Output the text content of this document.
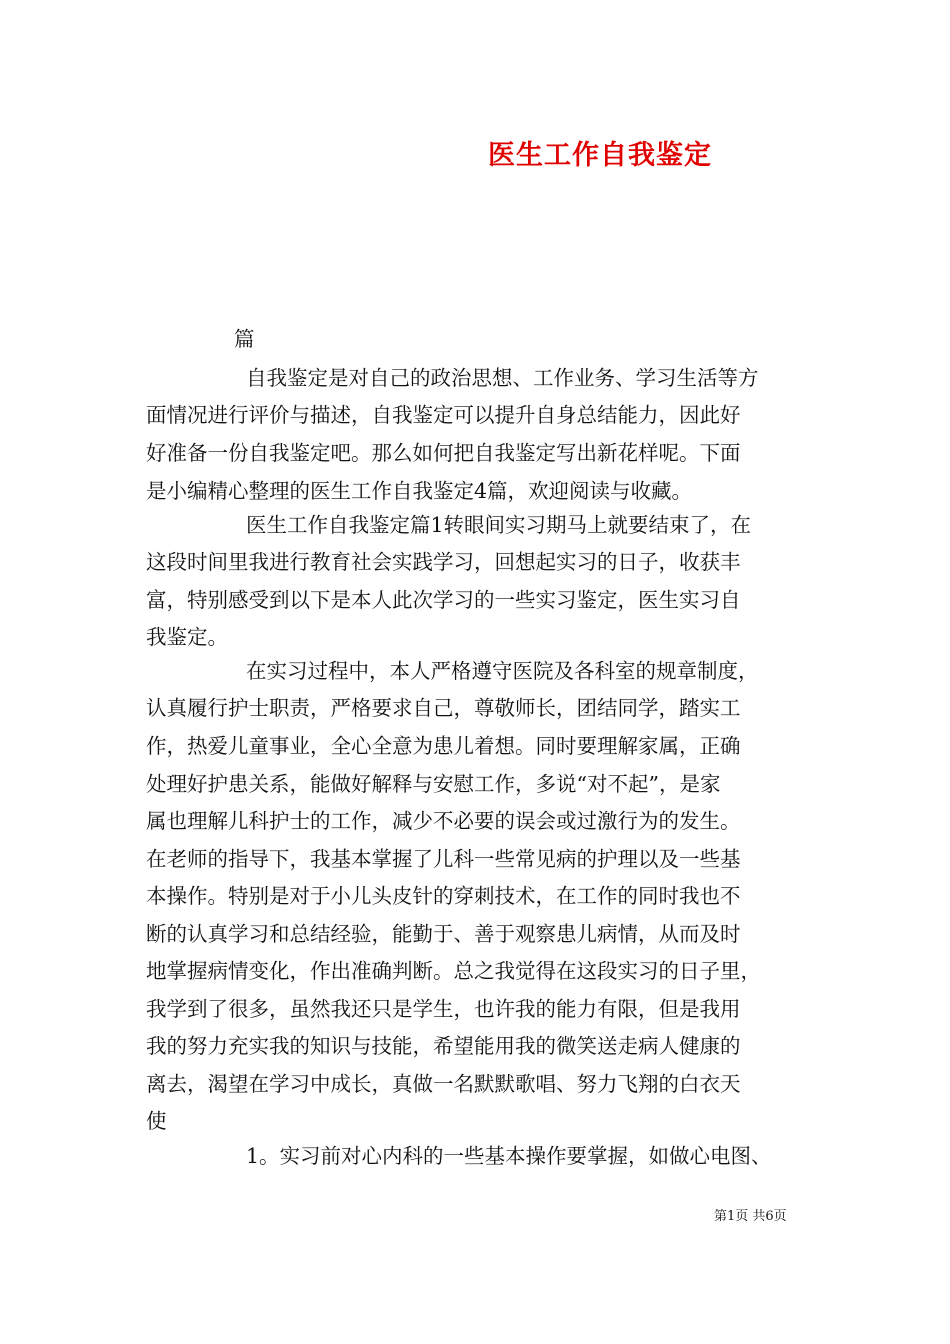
医生工作自我鉴定

篇

自我鉴定是对自己的政治思想、工作业务、学习生活等方

面情况进行评价与描述，自我鉴定可以提升自身总结能力，因此好

好准备一份自我鉴定吧。那么如何把自我鉴定写出新花样呢。下面

是小编精心整理的医生工作自我鉴定4篇，欢迎阅读与收藏。

医生工作自我鉴定篇1转眼间实习期马上就要结束了，在

这段时间里我进行教育社会实践学习，回想起实习的日子，收获丰

富，特别感受到以下是本人此次学习的一些实习鉴定，医生实习自

我鉴定。

在实习过程中，本人严格遵守医院及各科室的规章制度，

认真履行护士职责，严格要求自己，尊敬师长，团结同学，踏实工

作，热爱儿童事业，全心全意为患儿着想。同时要理解家属，正确

处理好护患关系，能做好解释与安慰工作，多说“对不起”，是家

属也理解儿科护士的工作，减少不必要的误会或过激行为的发生。

在老师的指导下，我基本掌握了儿科一些常见病的护理以及一些基

本操作。特别是对于小儿头皮针的穿刺技术，在工作的同时我也不

断的认真学习和总结经验，能勤于、善于观察患儿病情，从而及时

地掌握病情变化，作出准确判断。总之我觉得在这段实习的日子里，

我学到了很多，虽然我还只是学生，也许我的能力有限，但是我用

我的努力充实我的知识与技能，希望能用我的微笑送走病人健康的

离去，渴望在学习中成长，真做一名默默歌唱、努力飞翔的白衣天

使

1。实习前对心内科的一些基本操作要掌握，如做心电图、

第1页 共6页
